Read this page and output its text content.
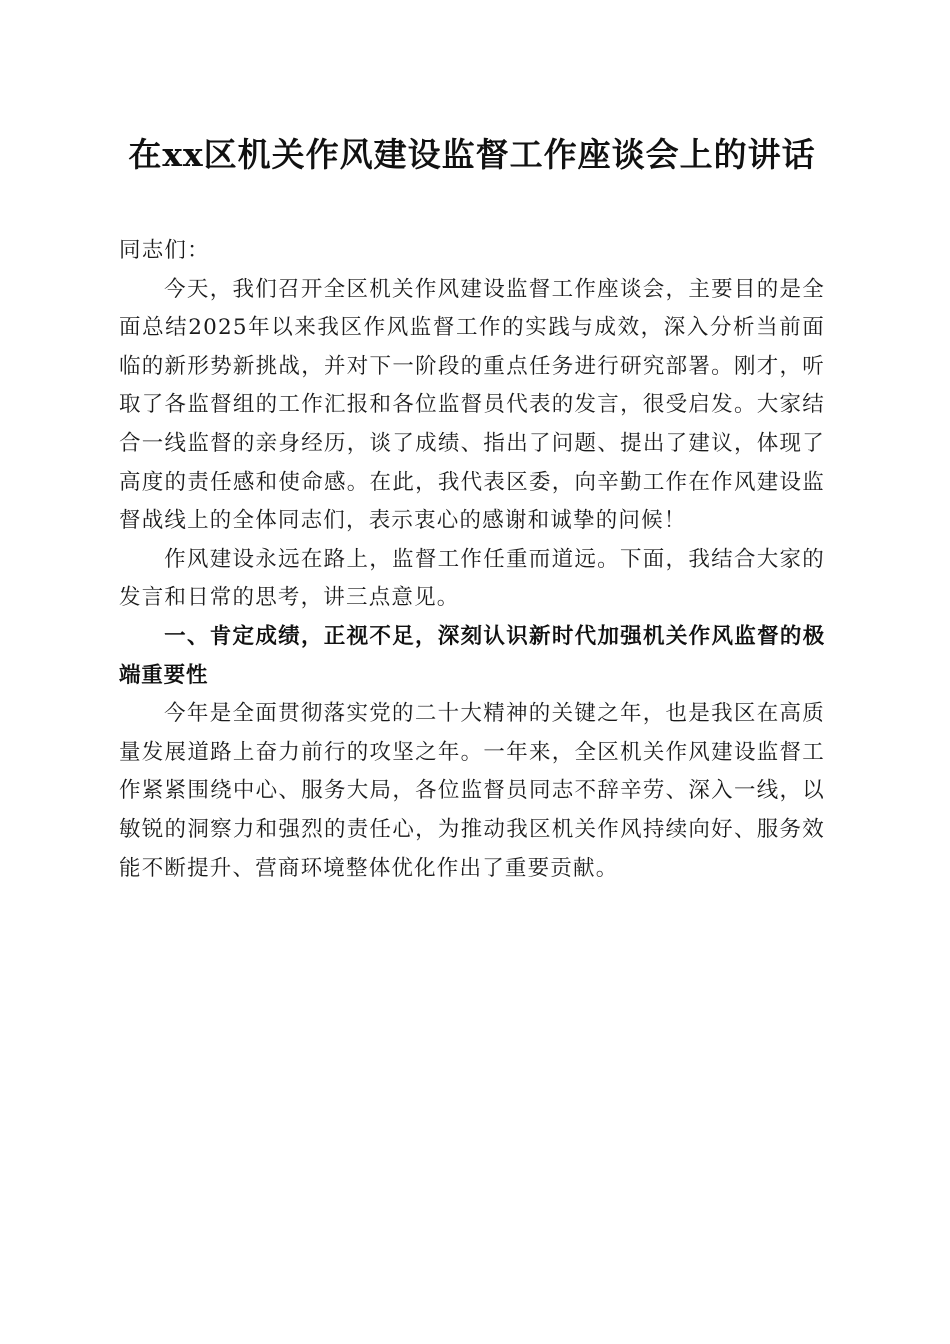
在xx区机关作风建设监督工作座谈会上的讲话

同志们：

今天，我们召开全区机关作风建设监督工作座谈会，主要目的是全面总结2025年以来我区作风监督工作的实践与成效，深入分析当前面临的新形势新挑战，并对下一阶段的重点任务进行研究部署。刚才，听取了各监督组的工作汇报和各位监督员代表的发言，很受启发。大家结合一线监督的亲身经历，谈了成绩、指出了问题、提出了建议，体现了高度的责任感和使命感。在此，我代表区委，向辛勤工作在作风建设监督战线上的全体同志们，表示衷心的感谢和诚挚的问候！

作风建设永远在路上，监督工作任重而道远。下面，我结合大家的发言和日常的思考，讲三点意见。

一、肯定成绩，正视不足，深刻认识新时代加强机关作风监督的极端重要性

今年是全面贯彻落实党的二十大精神的关键之年，也是我区在高质量发展道路上奋力前行的攻坚之年。一年来，全区机关作风建设监督工作紧紧围绕中心、服务大局，各位监督员同志不辞辛劳、深入一线，以敏锐的洞察力和强烈的责任心，为推动我区机关作风持续向好、服务效能不断提升、营商环境整体优化作出了重要贡献。
